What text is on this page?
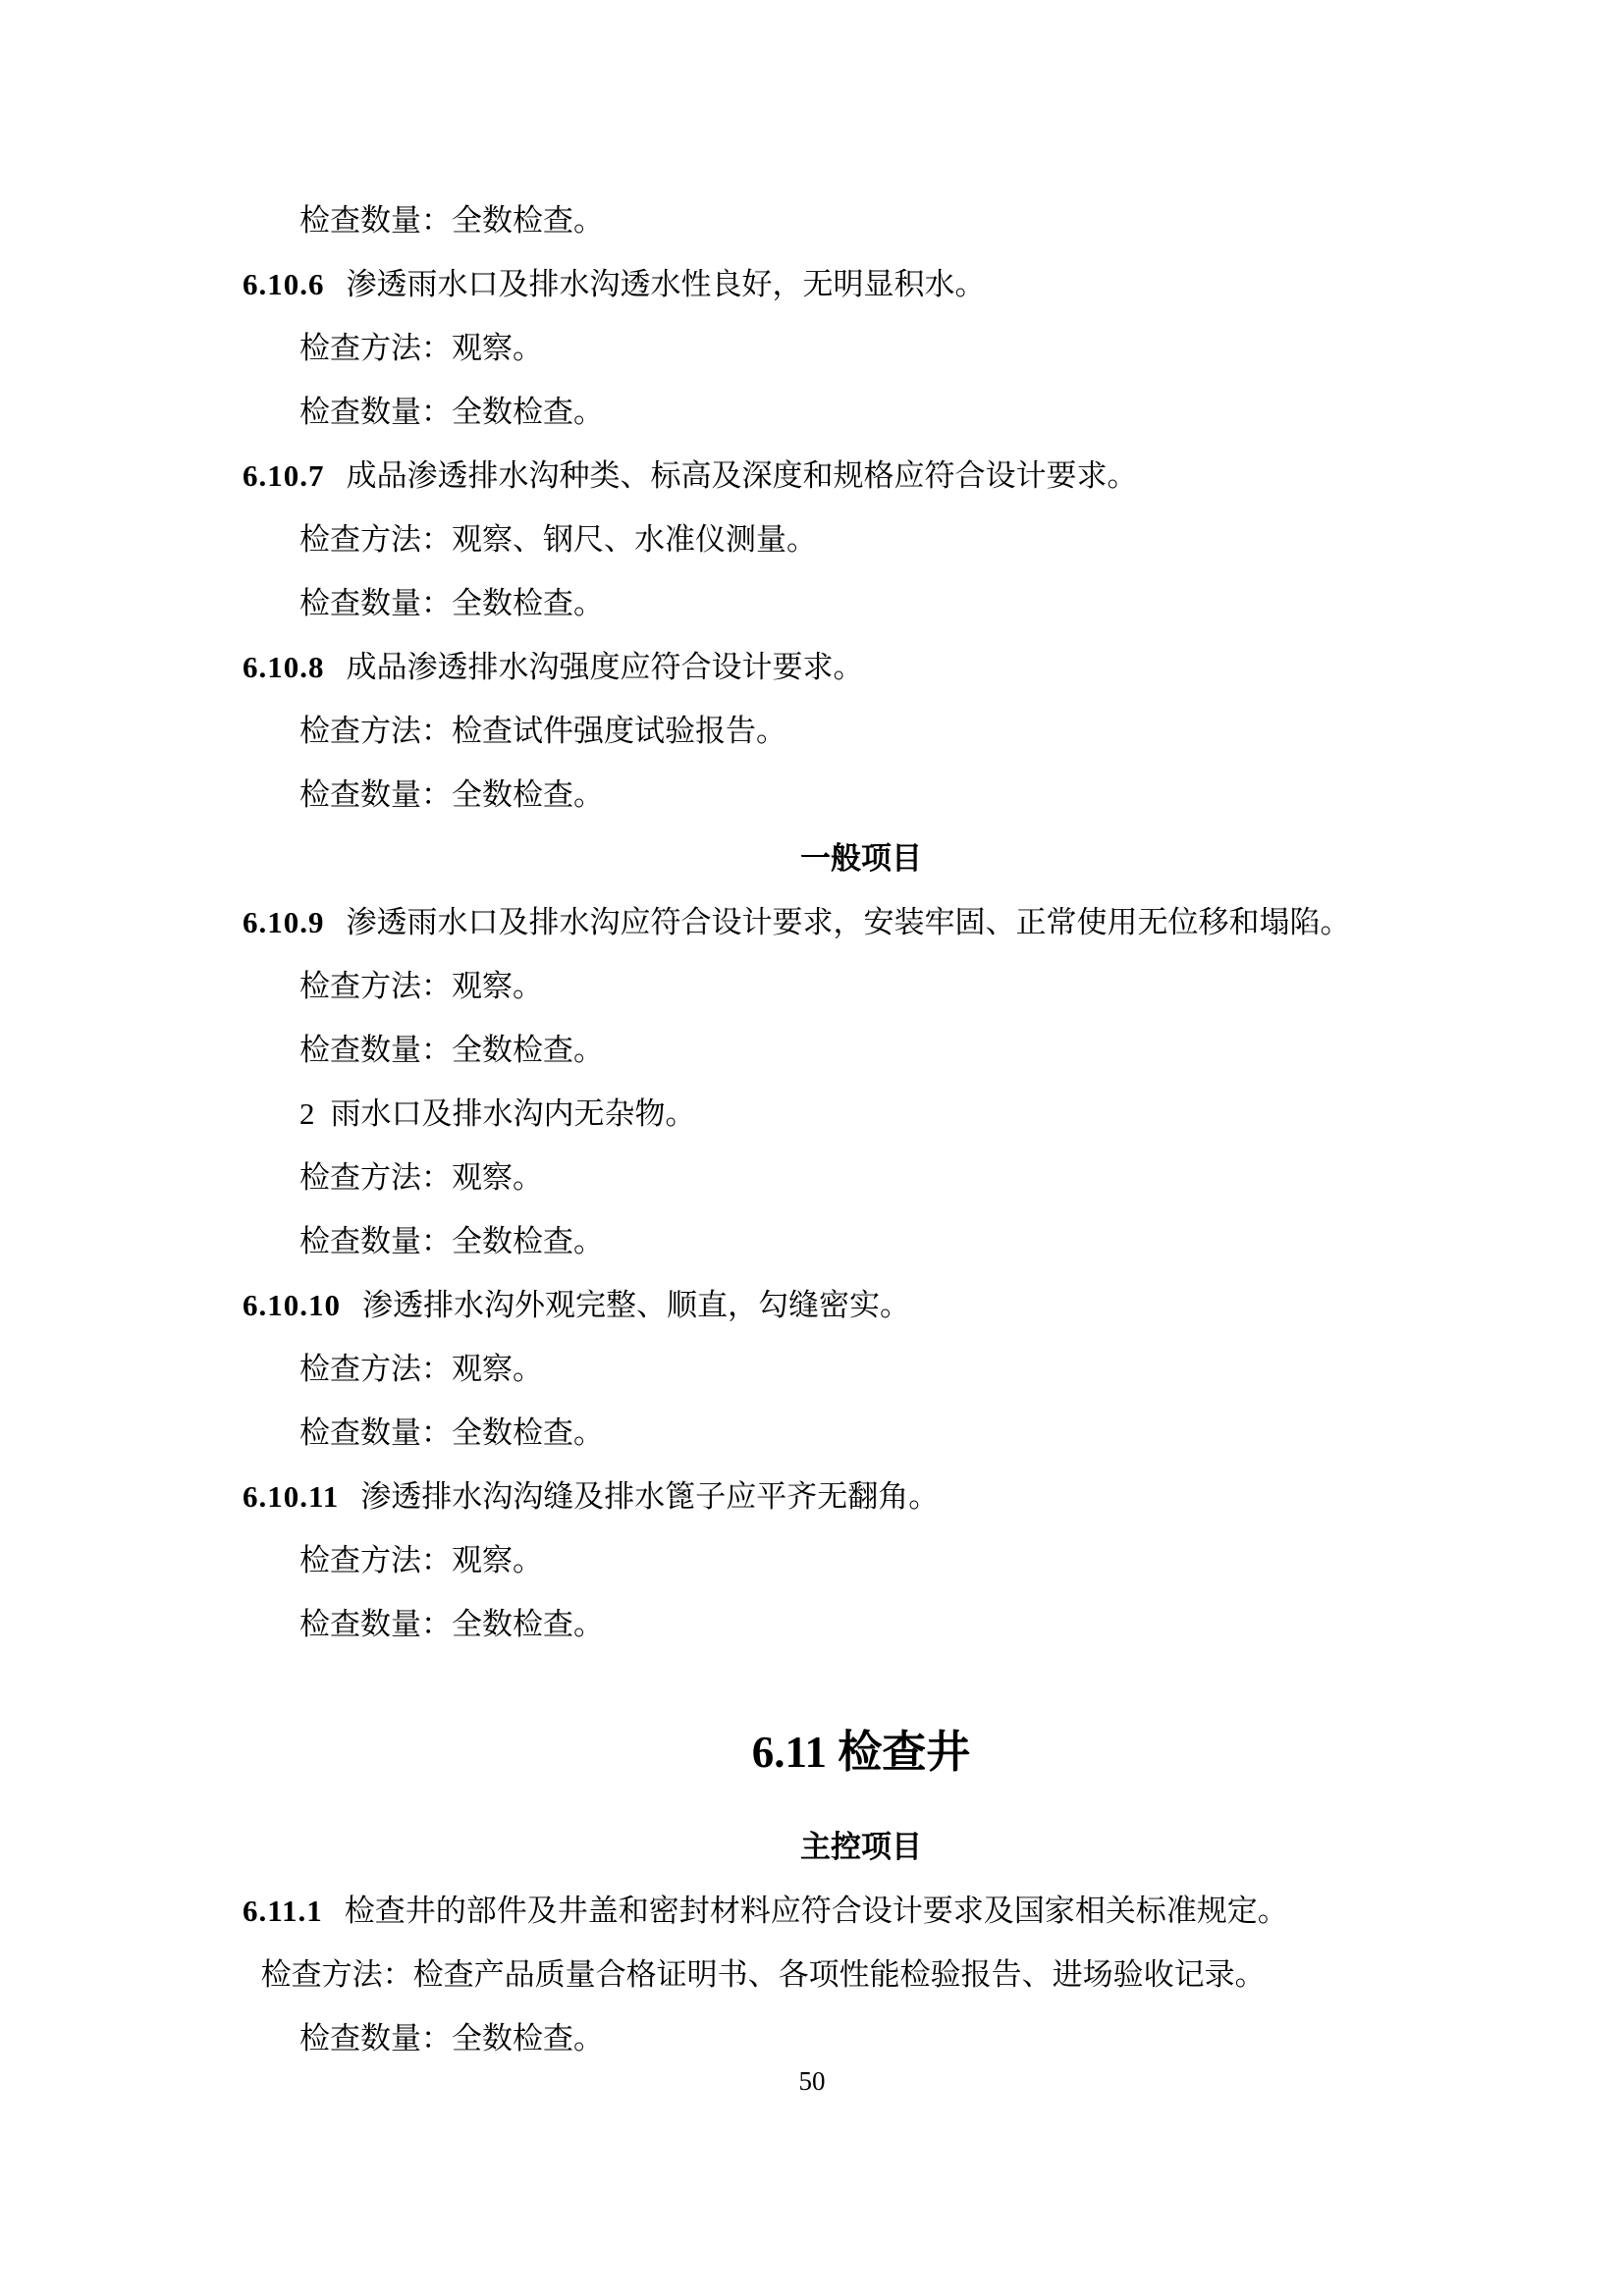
检查数量：全数检查。
6.10.6 渗透雨水口及排水沟透水性良好，无明显积水。
检查方法：观察。
检查数量：全数检查。
6.10.7 成品渗透排水沟种类、标高及深度和规格应符合设计要求。
检查方法：观察、钢尺、水准仪测量。
检查数量：全数检查。
6.10.8 成品渗透排水沟强度应符合设计要求。
检查方法：检查试件强度试验报告。
检查数量：全数检查。
一般项目
6.10.9 渗透雨水口及排水沟应符合设计要求，安装牢固、正常使用无位移和塌陷。
检查方法：观察。
检查数量：全数检查。
2 雨水口及排水沟内无杂物。
检查方法：观察。
检查数量：全数检查。
6.10.10 渗透排水沟外观完整、顺直，勾缝密实。
检查方法：观察。
检查数量：全数检查。
6.10.11 渗透排水沟沟缝及排水篦子应平齐无翻角。
检查方法：观察。
检查数量：全数检查。
6.11 检查井
主控项目
6.11.1 检查井的部件及井盖和密封材料应符合设计要求及国家相关标准规定。
检查方法：检查产品质量合格证明书、各项性能检验报告、进场验收记录。
检查数量：全数检查。
50
